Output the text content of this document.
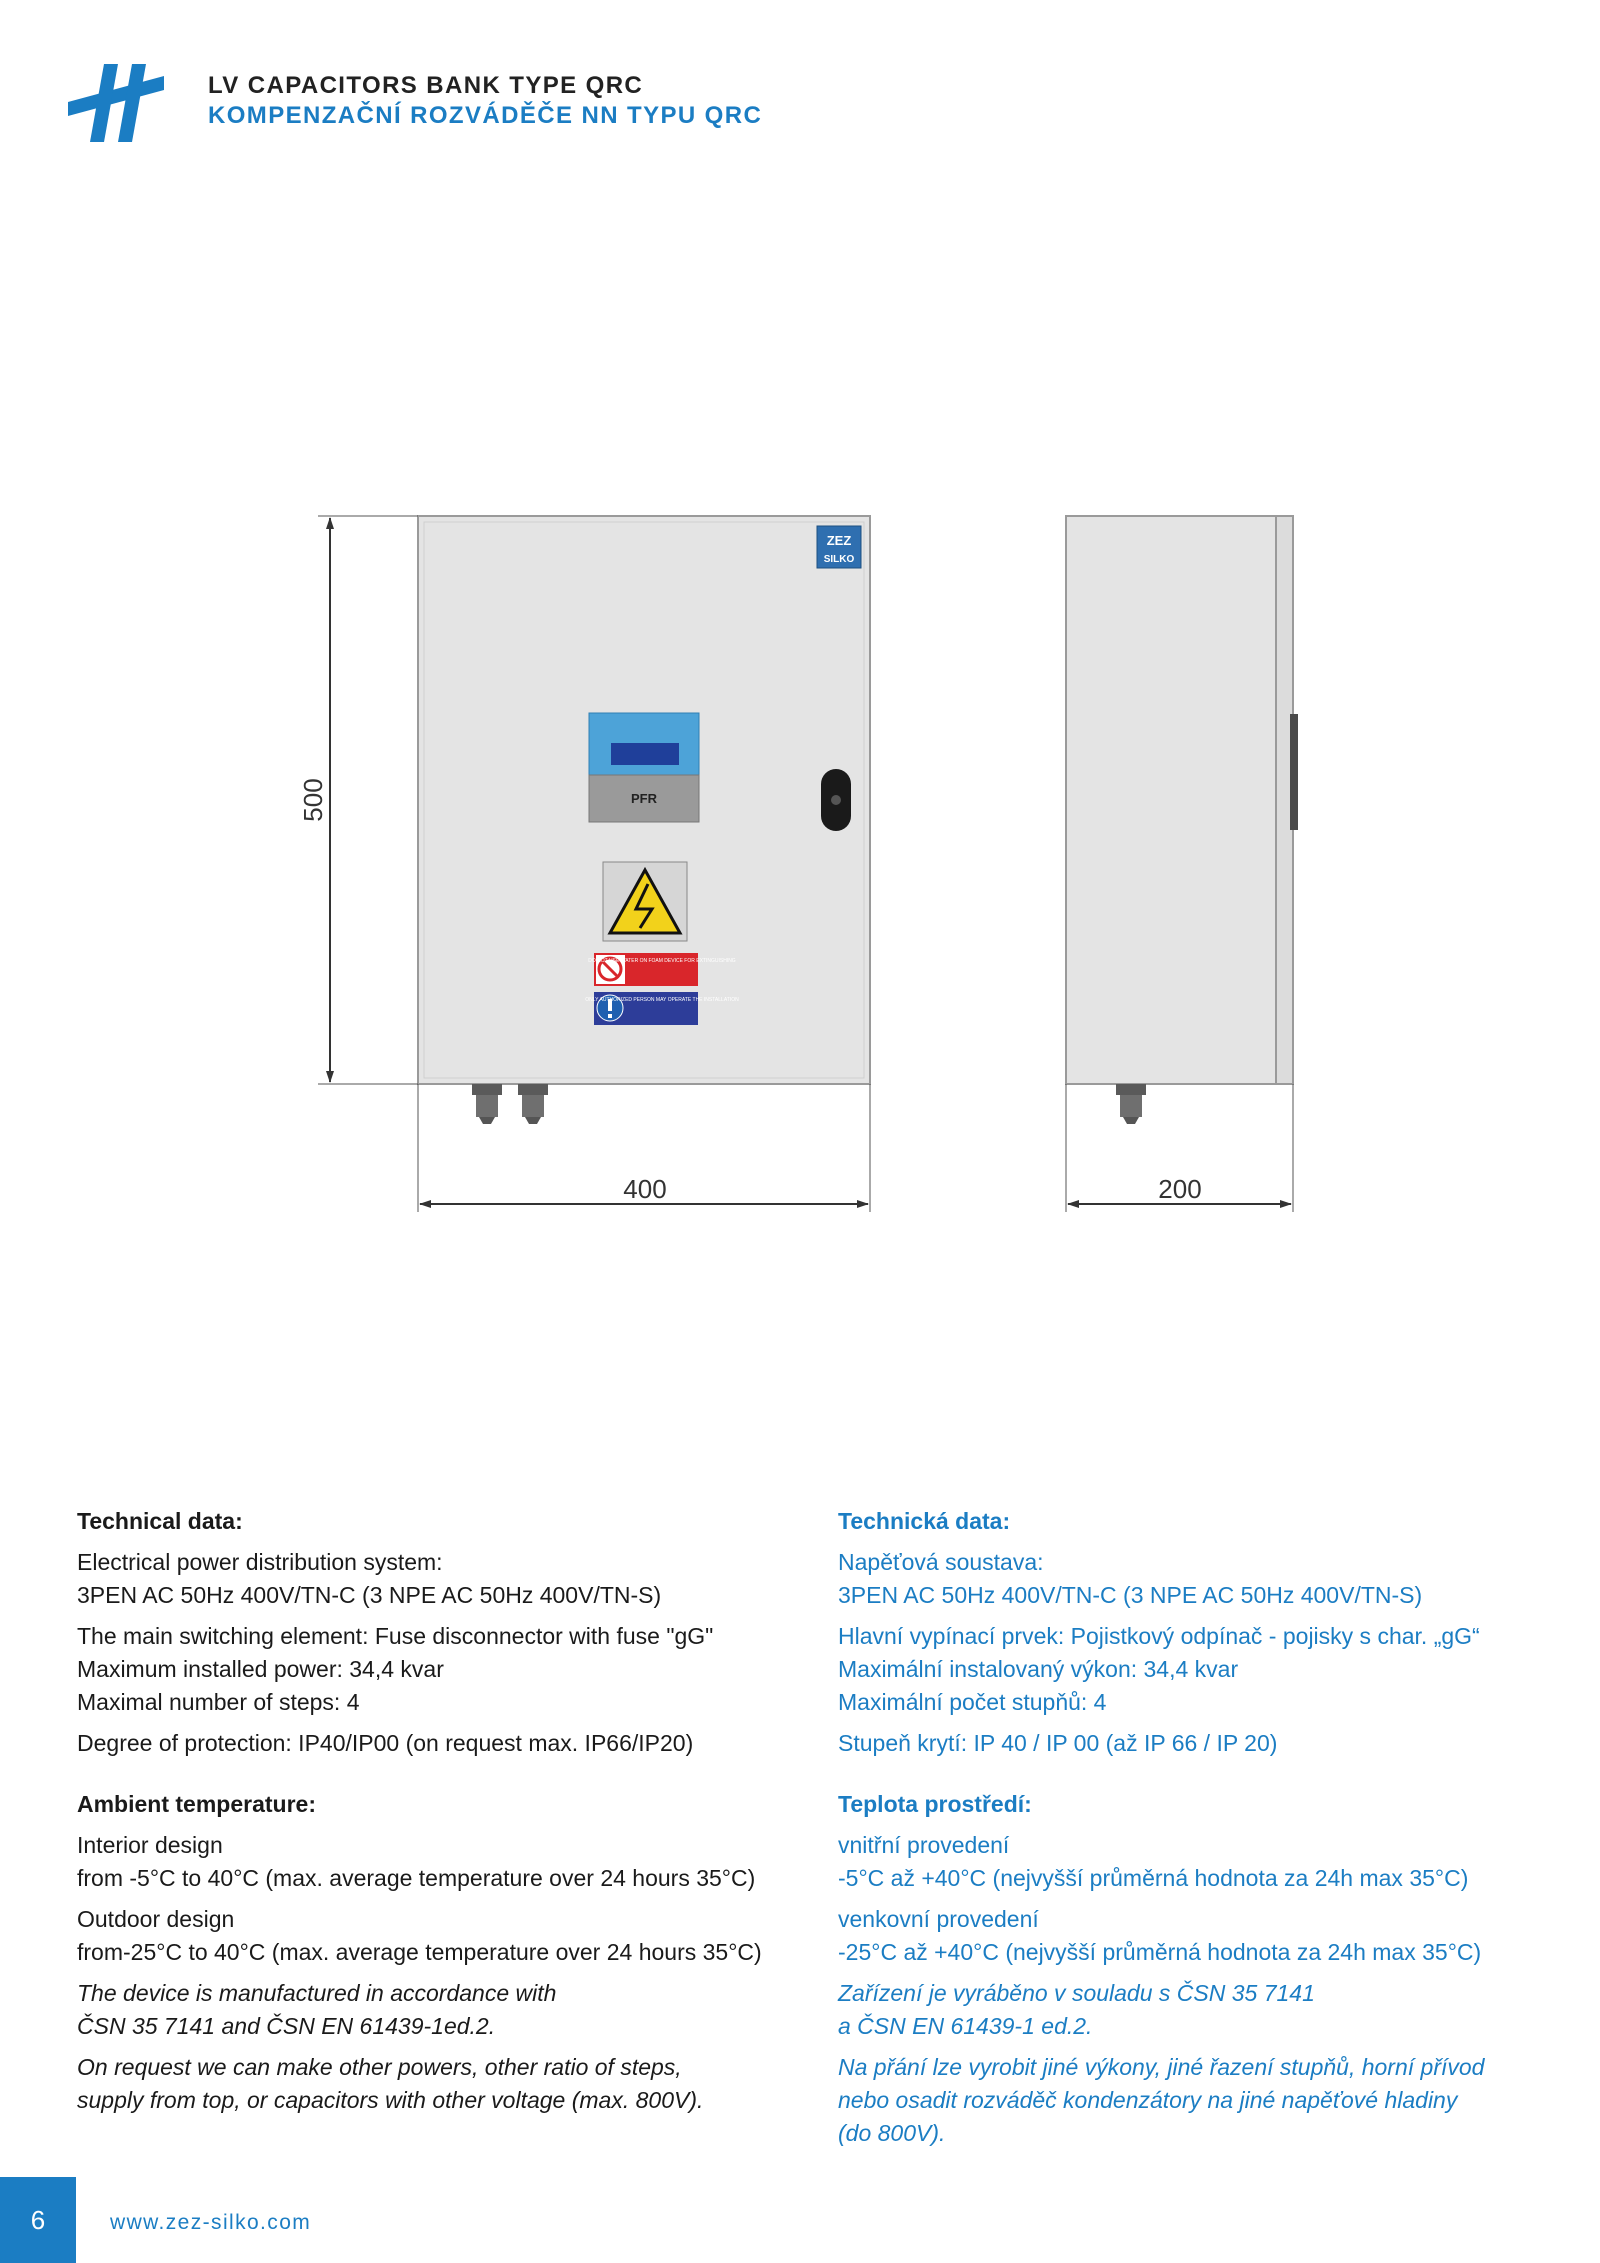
LV CAPACITORS BANK TYPE QRC
KOMPENZAČNÍ ROZVÁDĚČE NN TYPU QRC
ZEZ
SILKO
PFR
DO NOT USE WATER ON FOAM DEVICE FOR EXTINGUISHING
ONLY AUTHORIZED PERSON MAY OPERATE THE INSTALLATION
500
400	200
Technical data:

Electrical power distribution system:
3PEN AC 50Hz 400V/TN-C (3 NPE AC 50Hz 400V/TN-S)

The main switching element: Fuse disconnector with fuse "gG"
Maximum installed power: 34,4 kvar
Maximal number of steps: 4

Degree of protection: IP40/IP00 (on request max. IP66/IP20)

Ambient temperature:

Interior design
from -5°C to 40°C (max. average temperature over 24 hours 35°C)

Outdoor design
from-25°C to 40°C (max. average temperature over 24 hours 35°C)

The device is manufactured in accordance with
ČSN 35 7141 and ČSN EN 61439-1ed.2.

On request we can make other powers, other ratio of steps,
supply from top, or capacitors with other voltage (max. 800V).

Technická data:

Napěťová soustava:
3PEN AC 50Hz 400V/TN-C (3 NPE AC 50Hz 400V/TN-S)

Hlavní vypínací prvek: Pojistkový odpínač - pojisky s char. „gG“
Maximální instalovaný výkon: 34,4 kvar
Maximální počet stupňů: 4

Stupeň krytí: IP 40 / IP 00 (až IP 66 / IP 20)

Teplota prostředí:

vnitřní provedení
-5°C až +40°C (nejvyšší průměrná hodnota za 24h max 35°C)

venkovní provedení
-25°C až +40°C (nejvyšší průměrná hodnota za 24h max 35°C)

Zařízení je vyráběno v souladu s ČSN 35 7141
a ČSN EN 61439-1 ed.2.

Na přání lze vyrobit jiné výkony, jiné řazení stupňů, horní přívod
nebo osadit rozváděč kondenzátory na jiné napěťové hladiny
(do 800V).

6	www.zez-silko.com
